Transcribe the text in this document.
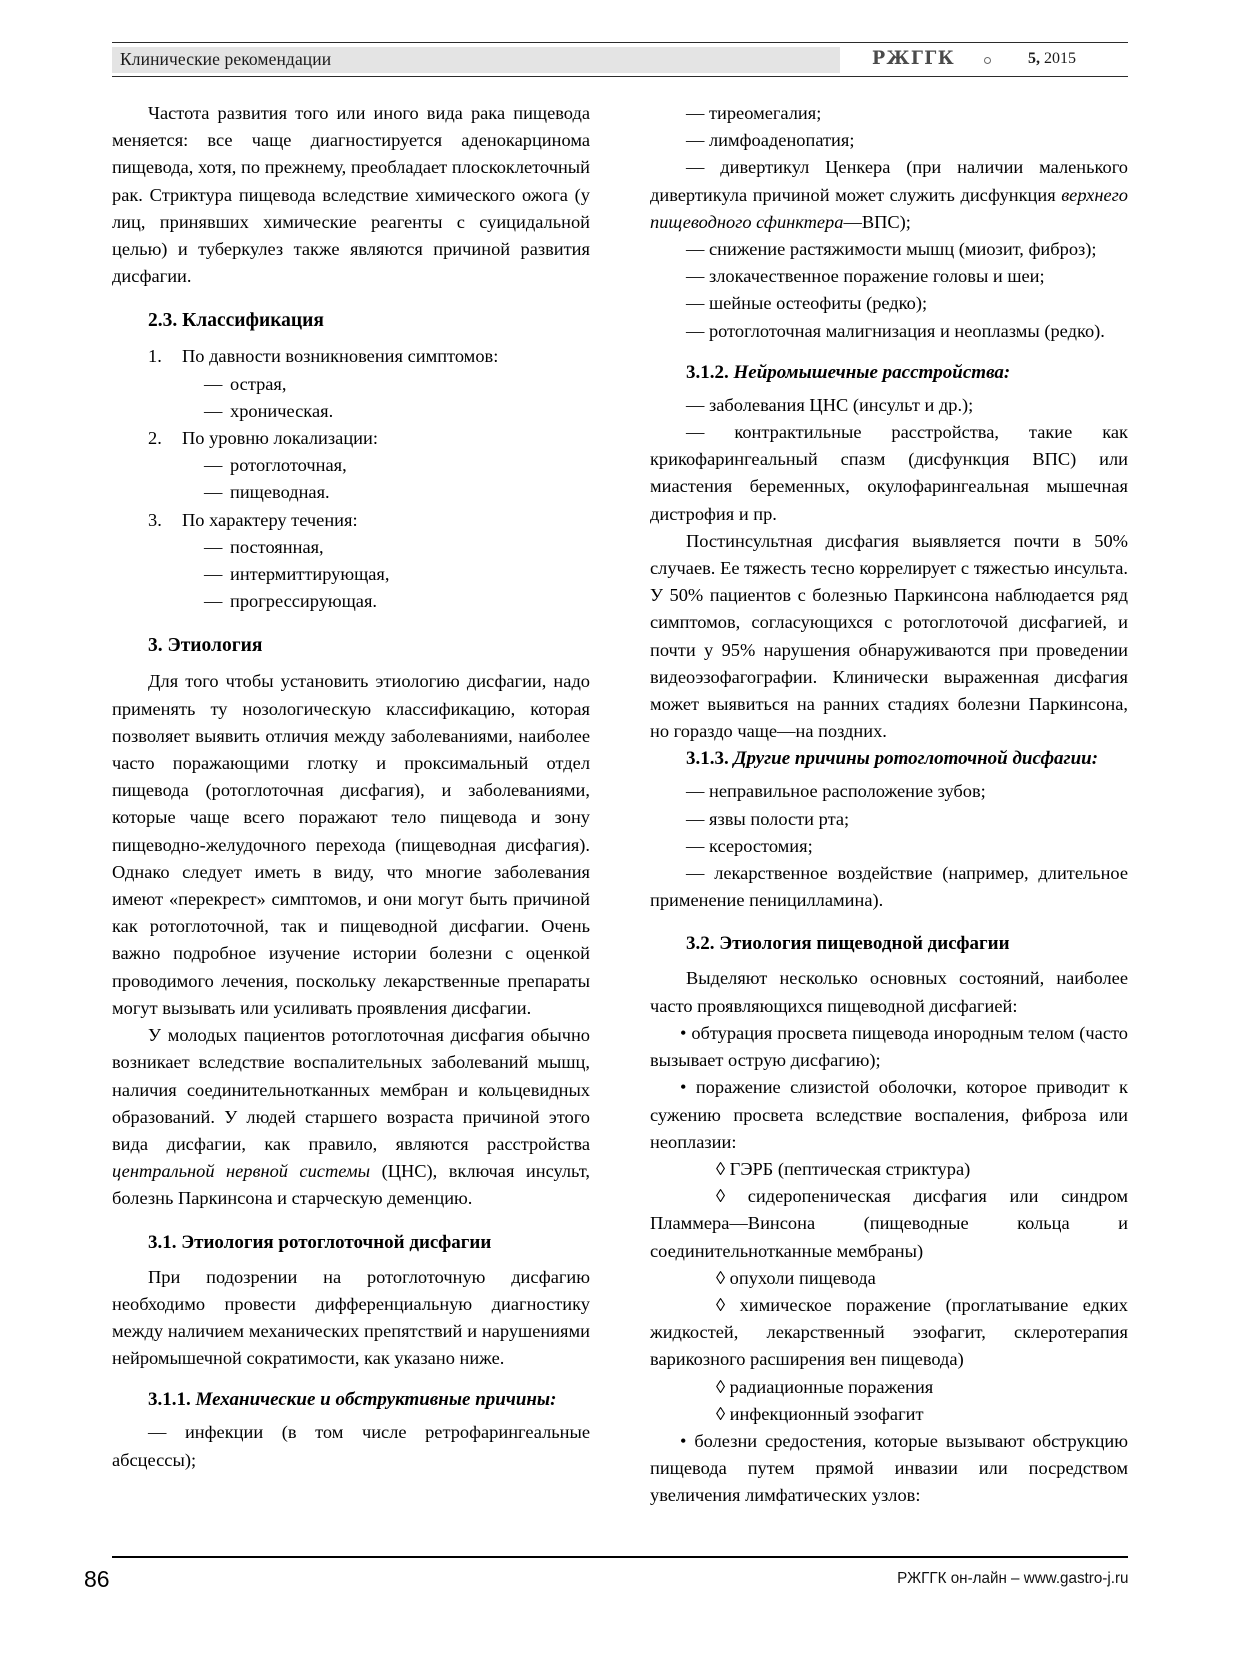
Клинические рекомендации	РЖГГК	5, 2015

Частота развития того или иного вида рака пищевода меняется: все чаще диагностируется аденокарцинома пищевода, хотя, по прежнему, преобладает плоскоклеточный рак. Стриктура пищевода вследствие химического ожога (у лиц, принявших химические реагенты с суицидальной целью) и туберкулез также являются причиной развития дисфагии.

2.3. Классификация
1. По давности возникновения симптомов:
— острая,
— хроническая.
2. По уровню локализации:
— ротоглоточная,
— пищеводная.
3. По характеру течения:
— постоянная,
— интермиттирующая,
— прогрессирующая.
3. Этиология

Для того чтобы установить этиологию дисфагии, надо применять ту нозологическую классификацию, которая позволяет выявить отличия между заболеваниями, наиболее часто поражающими глотку и проксимальный отдел пищевода (ротоглоточная дисфагия), и заболеваниями, которые чаще всего поражают тело пищевода и зону пищеводно-желудочного перехода (пищеводная дисфагия). Однако следует иметь в виду, что многие заболевания имеют «перекрест» симптомов, и они могут быть причиной как ротоглоточной, так и пищеводной дисфагии. Очень важно подробное изучение истории болезни с оценкой проводимого лечения, поскольку лекарственные препараты могут вызывать или усиливать проявления дисфагии.

У молодых пациентов ротоглоточная дисфагия обычно возникает вследствие воспалительных заболеваний мышц, наличия соединительнотканных мембран и кольцевидных образований. У людей старшего возраста причиной этого вида дисфагии, как правило, являются расстройства центральной нервной системы (ЦНС), включая инсульт, болезнь Паркинсона и старческую деменцию.

3.1. Этиология ротоглоточной дисфагии

При подозрении на ротоглоточную дисфагию необходимо провести дифференциальную диагностику между наличием механических препятствий и нарушениями нейромышечной сократимости, как указано ниже.

3.1.1. Механические и обструктивные причины:

— инфекции (в том числе ретрофарингеальные абсцессы);

— тиреомегалия;

— лимфоаденопатия;

— дивертикул Ценкера (при наличии маленького дивертикула причиной может служить дисфункция верхнего пищеводного сфинктера—ВПС);

— снижение растяжимости мышц (миозит, фиброз);

— злокачественное поражение головы и шеи;

— шейные остеофиты (редко);

— ротоглоточная малигнизация и неоплазмы (редко).

3.1.2. Нейромышечные расстройства:

— заболевания ЦНС (инсульт и др.);

— контрактильные расстройства, такие как крикофарингеальный спазм (дисфункция ВПС) или миастения беременных, окулофарингеальная мышечная дистрофия и пр.

Постинсультная дисфагия выявляется почти в 50% случаев. Ее тяжесть тесно коррелирует с тяжестью инсульта. У 50% пациентов с болезнью Паркинсона наблюдается ряд симптомов, согласующихся с ротоглоточой дисфагией, и почти у 95% нарушения обнаруживаются при проведении видеоэзофагографии. Клинически выраженная дисфагия может выявиться на ранних стадиях болезни Паркинсона, но гораздо чаще—на поздних.

3.1.3. Другие причины ротоглоточной дисфагии:

— неправильное расположение зубов;

— язвы полости рта;

— ксеростомия;

— лекарственное воздействие (например, длительное применение пеницилламина).

3.2. Этиология пищеводной дисфагии

Выделяют несколько основных состояний, наиболее часто проявляющихся пищеводной дисфагией:

• обтурация просвета пищевода инородным телом (часто вызывает острую дисфагию);

• поражение слизистой оболочки, которое приводит к сужению просвета вследствие воспаления, фиброза или неоплазии:

◊ ГЭРБ (пептическая стриктура)

◊ сидеропеническая дисфагия или синдром Пламмера—Винсона (пищеводные кольца и соединительнотканные мембраны)

◊ опухоли пищевода

◊ химическое поражение (проглатывание едких жидкостей, лекарственный эзофагит, склеротерапия варикозного расширения вен пищевода)

◊ радиационные поражения

◊ инфекционный эзофагит

• болезни средостения, которые вызывают обструкцию пищевода путем прямой инвазии или посредством увеличения лимфатических узлов:

86	РЖГГК он-лайн – www.gastro-j.ru
